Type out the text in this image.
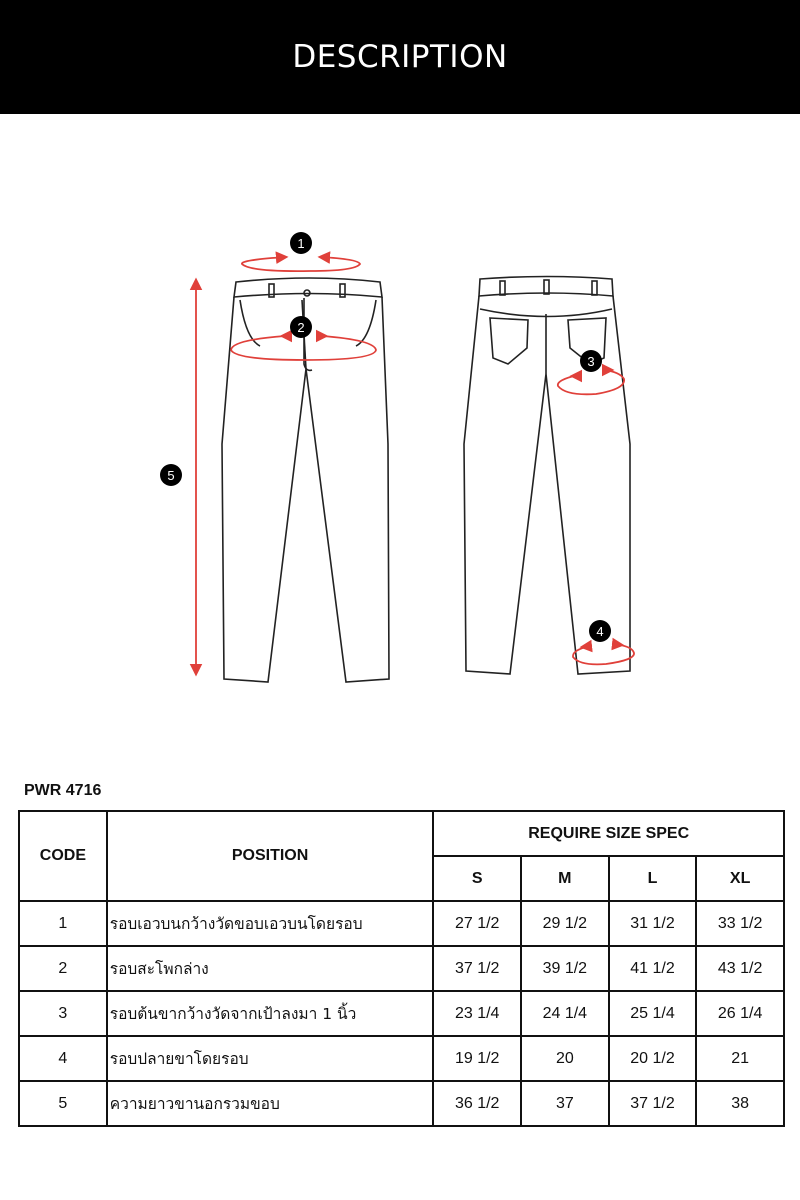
DESCRIPTION
1
2
3
4
5
PWR 4716
CODE	POSITION	REQUIRE SIZE SPEC			
		S	M	L	XL
1	รอบเอวบนกว้างวัดขอบเอวบนโดยรอบ	27 1/2	29 1/2	31 1/2	33 1/2
2	รอบสะโพกล่าง	37 1/2	39 1/2	41 1/2	43 1/2
3	รอบต้นขากว้างวัดจากเป้าลงมา 1 นิ้ว	23 1/4	24 1/4	25 1/4	26 1/4
4	รอบปลายขาโดยรอบ	19 1/2	20	20 1/2	21
5	ความยาวขานอกรวมขอบ	36 1/2	37	37 1/2	38
